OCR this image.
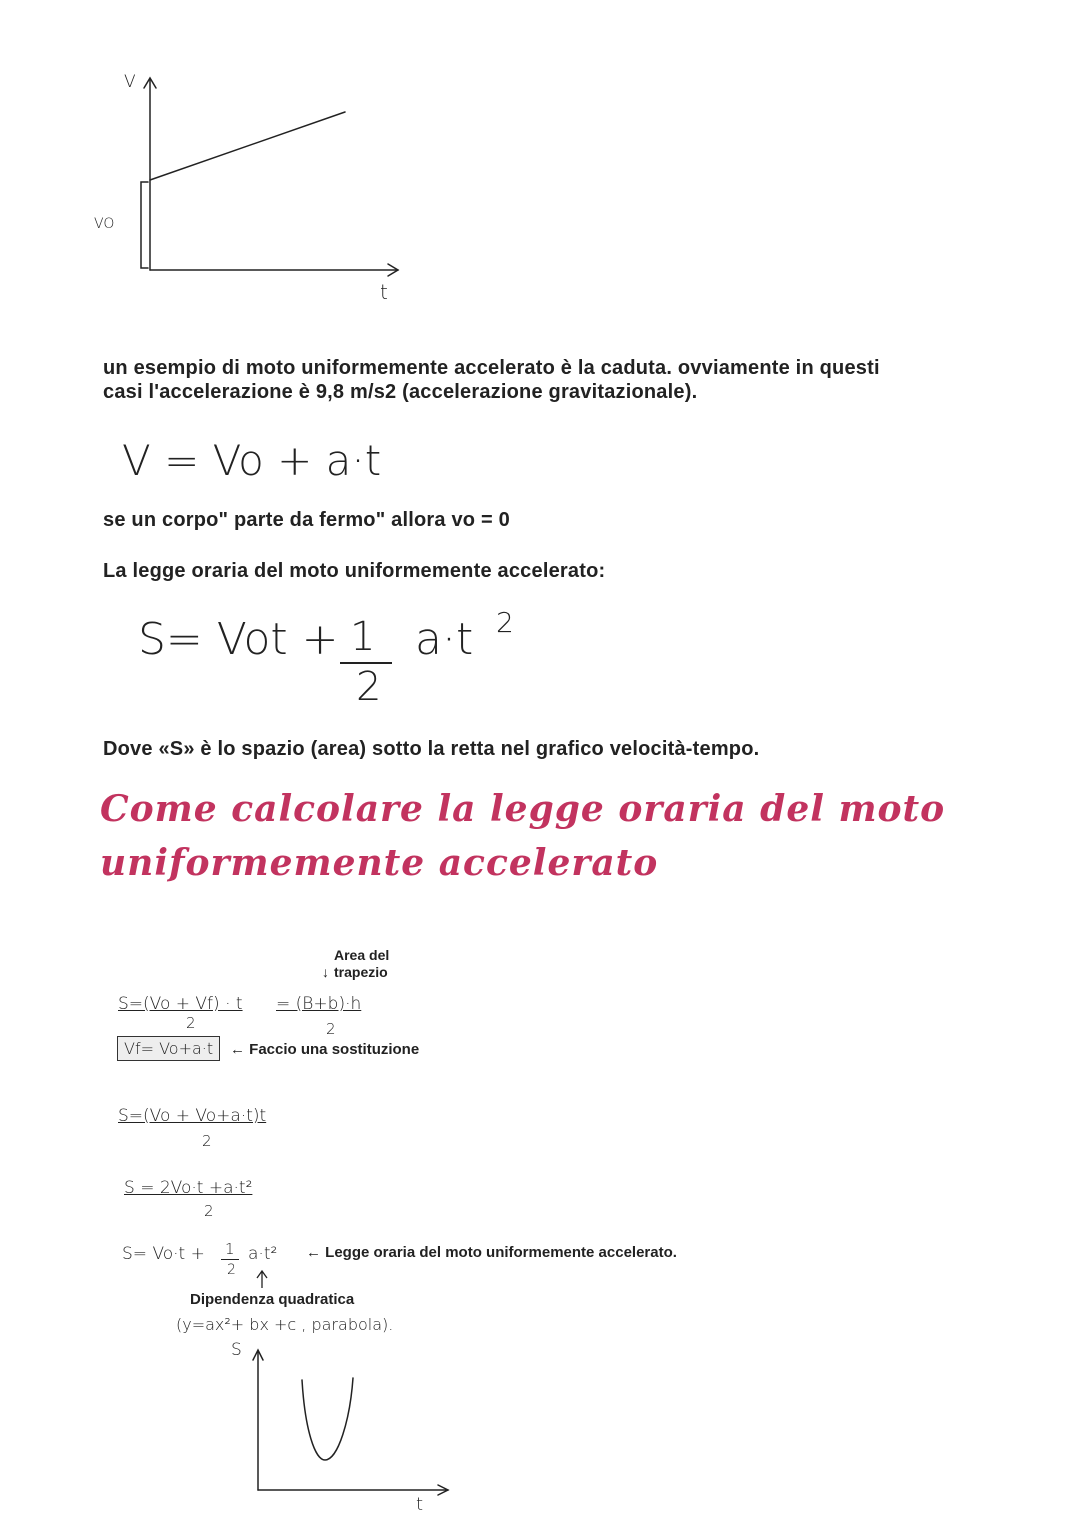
V
t
VO
un esempio di moto uniformemente accelerato è la caduta. ovviamente in questi
casi l'accelerazione è 9,8 m/s2 (accelerazione gravitazionale).
V = Vo + a·t
se un corpo" parte da fermo" allora vo = 0
La legge oraria del moto uniformemente accelerato:
S= Vot + 1
2
a·t 2
Dove «S» è lo spazio (area) sotto la retta nel grafico velocità-tempo.
Come calcolare la legge oraria del moto
uniformemente accelerato
Area del
↓ trapezio
S=(Vo + Vf) · t
2
= (B+b)·h
2
Vf= Vo+a·t	← Faccio una sostituzione
S=(Vo + Vo+a·t)t
2
S = 2Vo·t +a·t²
2
S= Vo·t + 1
2
a·t² ← Legge oraria del moto uniformemente accelerato.
Dipendenza quadratica
(y=ax²+ bx +c , parabola).
S
t
